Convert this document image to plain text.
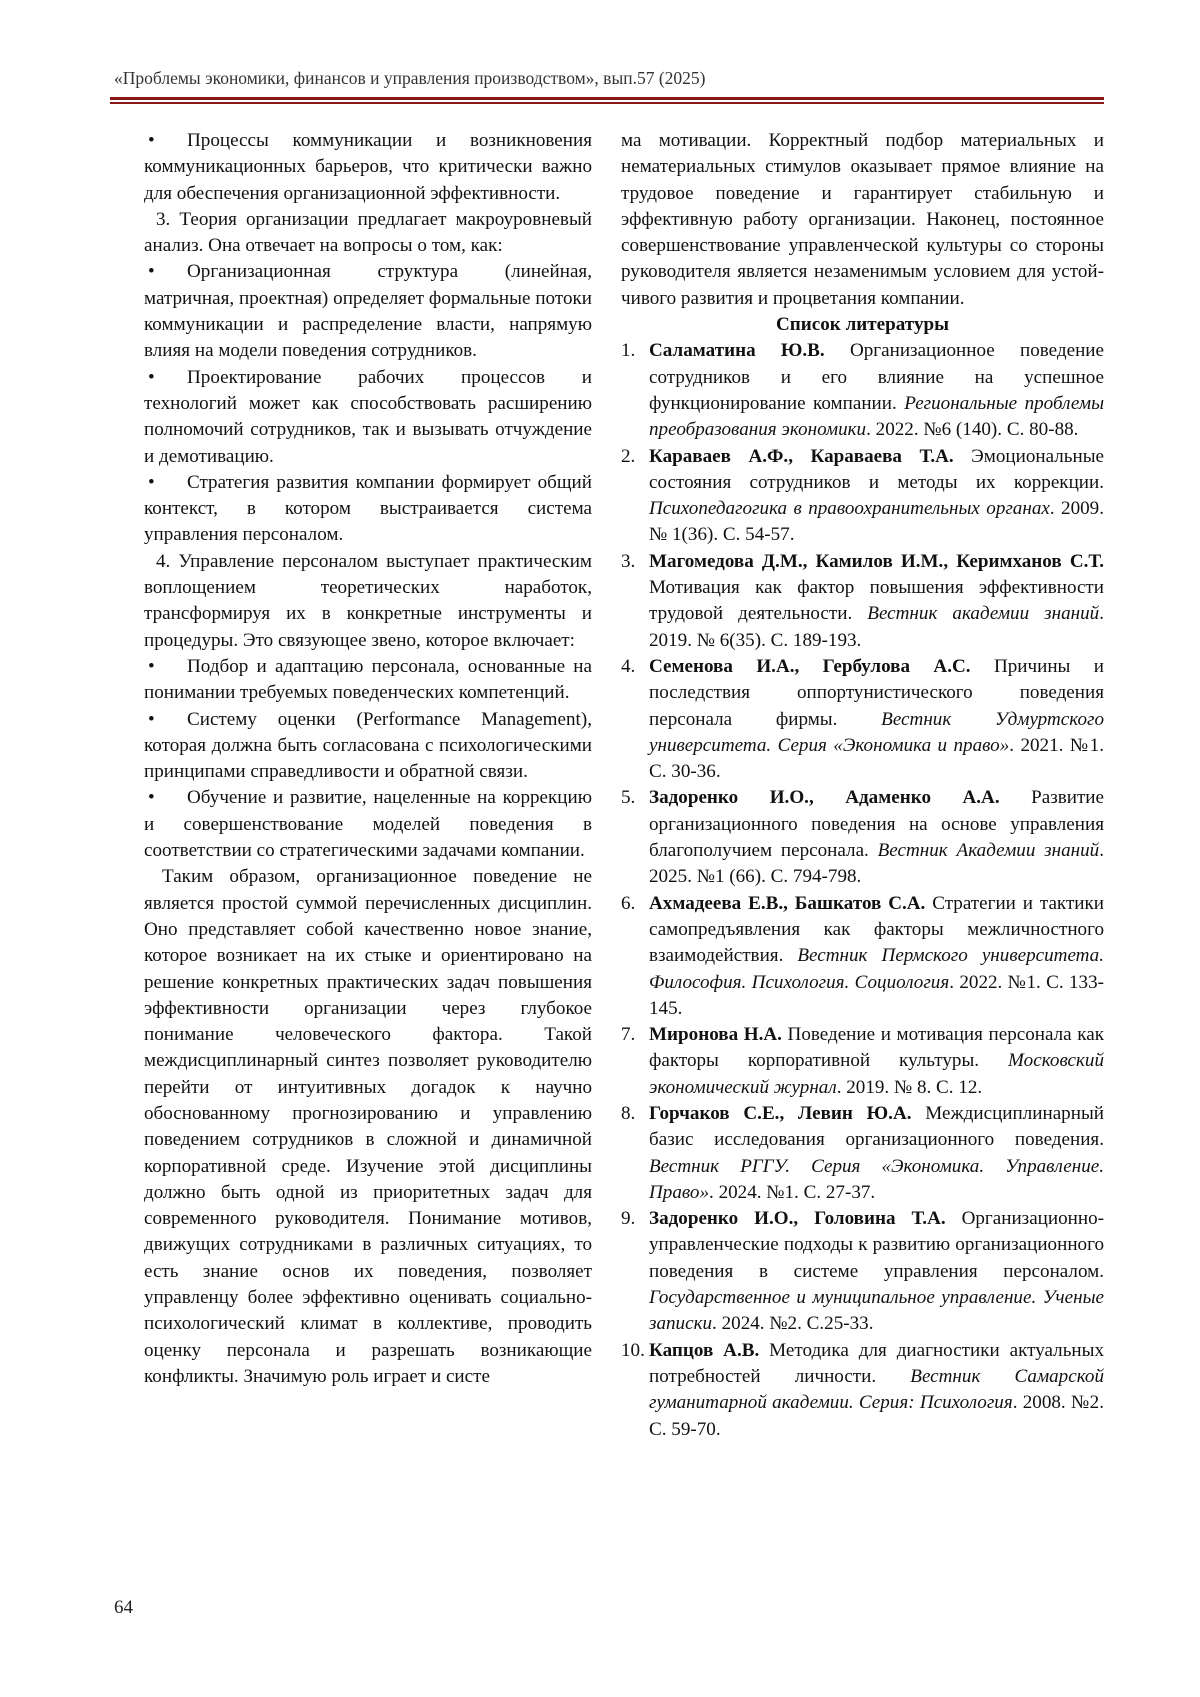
«Проблемы экономики, финансов и управления производством», вып.57 (2025)

•	Процессы коммуникации и возникновения коммуникационных барьеров, что критически важно для обеспечения организационной эффективности.

3. Теория организации предлагает макроуровневый анализ. Она отвечает на вопросы о том, как:

•	Организационная структура (линейная, матричная, проектная) определяет формальные потоки коммуникации и распределение власти, напрямую влияя на модели поведения сотрудников.

•	Проектирование рабочих процессов и технологий может как способствовать расширению полномочий сотрудников, так и вызывать отчуждение и демотивацию.

•	Стратегия развития компании формирует общий контекст, в котором выстраивается система управления персоналом.

4. Управление персоналом выступает практическим воплощением теоретических наработок, трансформируя их в конкретные инструменты и процедуры. Это связующее звено, которое включает:

•	Подбор и адаптацию персонала, основанные на понимании требуемых поведенческих компетенций.

•	Систему оценки (Performance Management), которая должна быть согласована с психологическими принципами справедливости и обратной связи.

•	Обучение и развитие, нацеленные на коррекцию и совершенствование моделей поведения в соответствии со стратегическими задачами компании.

Таким образом, организационное поведение не является простой суммой перечисленных дисциплин. Оно представляет собой качественно новое знание, которое возникает на их стыке и ориентировано на решение конкретных практических задач повышения эффективности организации через глубокое понимание человеческого фактора. Такой междисциплинарный синтез позволяет руководителю перейти от интуитивных догадок к научно обоснованному прогнозированию и управлению поведением сотрудников в сложной и динамичной корпоративной среде. Изучение этой дисциплины должно быть одной из приоритетных задач для современного руководителя. Понимание мотивов, движущих сотрудниками в различных ситуациях, то есть знание основ их поведения, позволяет управленцу более эффективно оценивать социально-психологический климат в коллективе, проводить оценку персонала и разрешать возникающие конфликты. Значимую роль играет и систе

ма мотивации. Корректный подбор материальных и нематериальных стимулов оказывает прямое влияние на трудовое поведение и гарантирует стабильную и эффективную работу организации. Наконец, постоянное совершенствование управленческой культуры со стороны руководителя является незаменимым условием для устойчивого развития и процветания компании.

Список литературы

1. Саламатина Ю.В. Организационное поведение сотрудников и его влияние на успешное функционирование компании. Региональные проблемы преобразования экономики. 2022. №6 (140). С. 80-88.

2. Караваев А.Ф., Караваева Т.А. Эмоциональные состояния сотрудников и методы их коррекции. Психопедагогика в правоохранительных органах. 2009. № 1(36). С. 54-57.

3. Магомедова Д.М., Камилов И.М., Керимханов С.Т. Мотивация как фактор повышения эффективности трудовой деятельности. Вестник академии знаний. 2019. № 6(35). С. 189-193.

4. Семенова И.А., Гербулова А.С. Причины и последствия оппортунистического поведения персонала фирмы. Вестник Удмуртского университета. Серия «Экономика и право». 2021. №1. С. 30-36.

5. Задоренко И.О., Адаменко А.А. Развитие организационного поведения на основе управления благополучием персонала. Вестник Академии знаний. 2025. №1 (66). С. 794-798.

6. Ахмадеева Е.В., Башкатов С.А. Стратегии и тактики самопредъявления как факторы межличностного взаимодействия. Вестник Пермского университета. Философия. Психология. Социология. 2022. №1. С. 133-145.

7. Миронова Н.А. Поведение и мотивация персонала как факторы корпоративной культуры. Московский экономический журнал. 2019. № 8. С. 12.

8. Горчаков С.Е., Левин Ю.А. Междисциплинарный базис исследования организационного поведения. Вестник РГГУ. Серия «Экономика. Управление. Право». 2024. №1. С. 27-37.

9. Задоренко И.О., Головина Т.А. Организационно-управленческие подходы к развитию организационного поведения в системе управления персоналом. Государственное и муниципальное управление. Ученые записки. 2024. №2. С.25-33.

10. Капцов А.В. Методика для диагностики актуальных потребностей личности. Вестник Самарской гуманитарной академии. Серия: Психология. 2008. №2. С. 59-70.

64
